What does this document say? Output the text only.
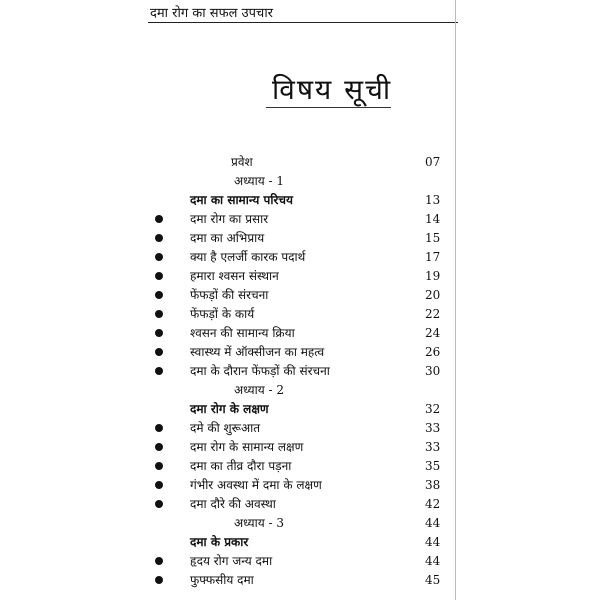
दमा रोग का सफल उपचार
विषय सूची
प्रवेश	07
अध्याय - 1
दमा का सामान्य परिचय	13
दमा रोग का प्रसार	14
दमा का अभिप्राय	15
क्या है एलर्जी कारक पदार्थ	17
हमारा श्वसन संस्थान	19
फेंफड़ों की संरचना	20
फेंफड़ों के कार्य	22
श्वसन की सामान्य क्रिया	24
स्वास्थ्य में ऑक्सीजन का महत्व	26
दमा के दौरान फेंफड़ों की संरचना	30
अध्याय - 2
दमा रोग के लक्षण	32
दमे की शुरूआत	33
दमा रोग के सामान्य लक्षण	33
दमा का तीव्र दौरा पड़ना	35
गंभीर अवस्था में दमा के लक्षण	38
दमा दौरे की अवस्था	42
अध्याय - 3	44
दमा के प्रकार	44
हृदय रोग जन्य दमा	44
फुफ्फसीय दमा	45
